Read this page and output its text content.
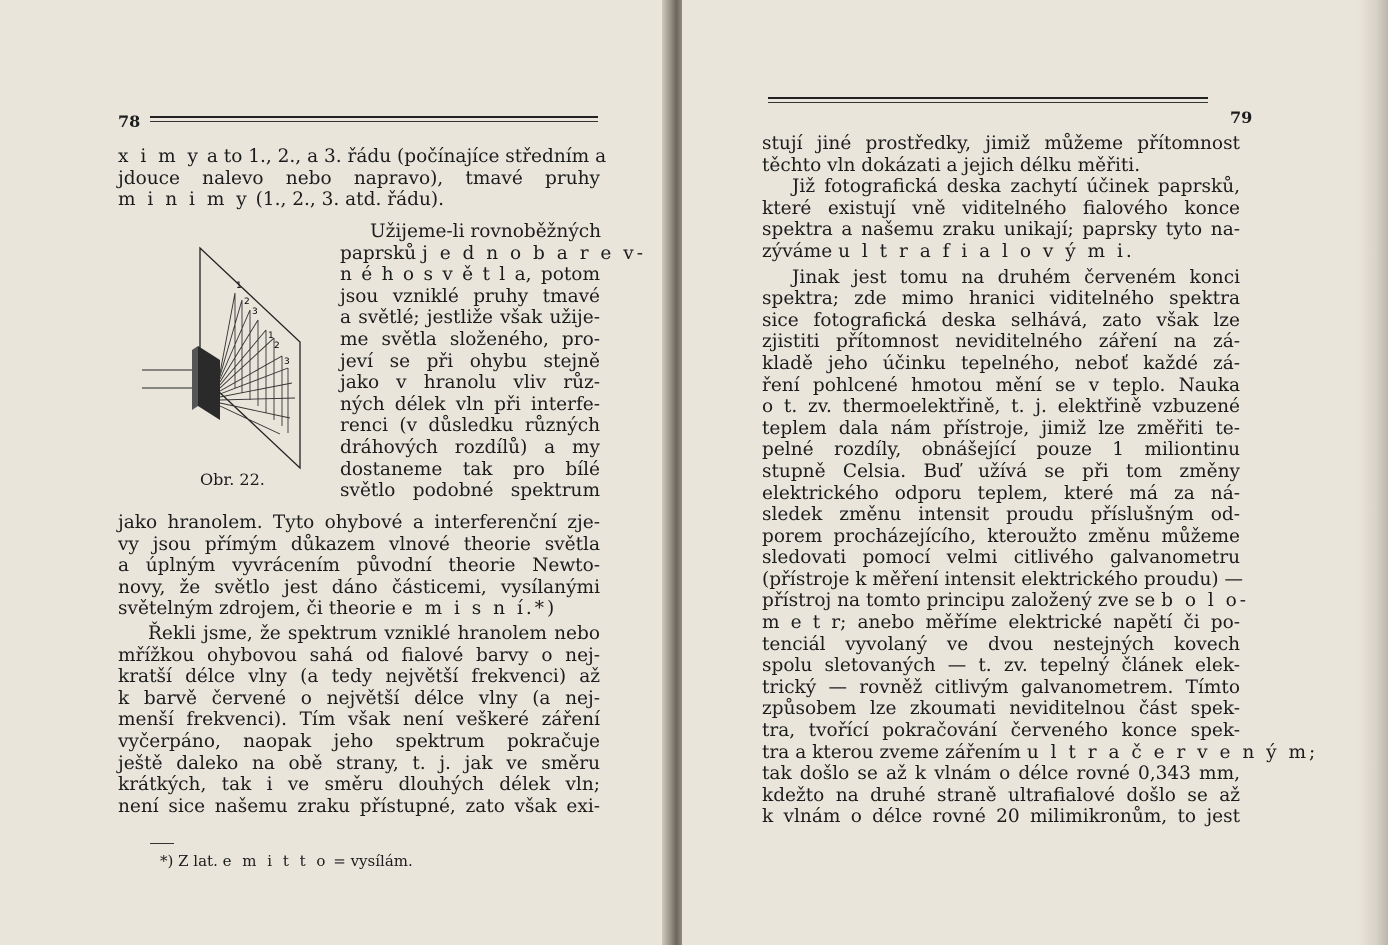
78
x i m y a to 1., 2., a 3. řádu (počínajíce středním a
jdouce nalevo nebo napravo), tmavé pruhy
m i n i m y (1., 2., 3. atd. řádu).
1
2
3
1
2
3
Obr. 22.
Užijeme-li rovnoběžných
paprsků j e d n o b a r e v-
n é h o s v ě t l a, potom
jsou vzniklé pruhy tmavé
a světlé; jestliže však užije-
me světla složeného, pro-
jeví se při ohybu stejně
jako v hranolu vliv růz-
ných délek vln při interfe-
renci (v důsledku různých
dráhových rozdílů) a my
dostaneme tak pro bílé
světlo podobné spektrum
jako hranolem. Tyto ohybové a interferenční zje-
vy jsou přímým důkazem vlnové theorie světla
a úplným vyvrácením původní theorie Newto-
novy, že světlo jest dáno částicemi, vysílanými
světelným zdrojem, či theorie e m i s n í.*)
Řekli jsme, že spektrum vzniklé hranolem nebo
mřížkou ohybovou sahá od fialové barvy o nej-
kratší délce vlny (a tedy největší frekvenci) až
k barvě červené o největší délce vlny (a nej-
menší frekvenci). Tím však není veškeré záření
vyčerpáno, naopak jeho spektrum pokračuje
ještě daleko na obě strany, t. j. jak ve směru
krátkých, tak i ve směru dlouhých délek vln;
není sice našemu zraku přístupné, zato však exi-
*) Z lat. e m i t t o = vysílám.
79
stují jiné prostředky, jimiž můžeme přítomnost
těchto vln dokázati a jejich délku měřiti.
Již fotografická deska zachytí účinek paprsků,
které existují vně viditelného fialového konce
spektra a našemu zraku unikají; paprsky tyto na-
zýváme u l t r a f i a l o v ý m i.
Jinak jest tomu na druhém červeném konci
spektra; zde mimo hranici viditelného spektra
sice fotografická deska selhává, zato však lze
zjistiti přítomnost neviditelného záření na zá-
kladě jeho účinku tepelného, neboť každé zá-
ření pohlcené hmotou mění se v teplo. Nauka
o t. zv. thermoelektřině, t. j. elektřině vzbuzené
teplem dala nám přístroje, jimiž lze změřiti te-
pelné rozdíly, obnášející pouze 1 miliontinu
stupně Celsia. Buď užívá se při tom změny
elektrického odporu teplem, které má za ná-
sledek změnu intensit proudu příslušným od-
porem procházejícího, kteroužto změnu můžeme
sledovati pomocí velmi citlivého galvanometru
(přístroje k měření intensit elektrického proudu) —
přístroj na tomto principu založený zve se b o l o-
m e t r; anebo měříme elektrické napětí či po-
tenciál vyvolaný ve dvou nestejných kovech
spolu sletovaných — t. zv. tepelný článek elek-
trický — rovněž citlivým galvanometrem. Tímto
způsobem lze zkoumati neviditelnou část spek-
tra, tvořící pokračování červeného konce spek-
tra a kterou zveme zářením u l t r a č e r v e n ý m;
tak došlo se až k vlnám o délce rovné 0,343 mm,
kdežto na druhé straně ultrafialové došlo se až
k vlnám o délce rovné 20 milimikronům, to jest
